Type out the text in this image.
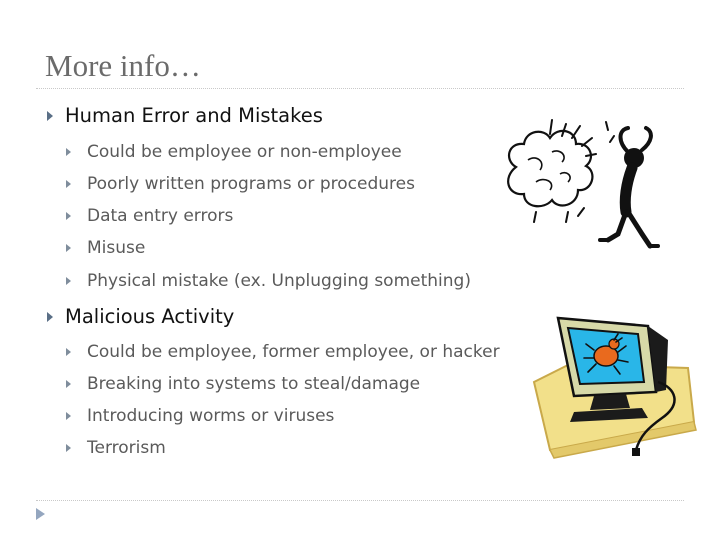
More info…
Human Error and Mistakes
Could be employee or non-employee
Poorly written programs or procedures
Data entry errors
Misuse
Physical mistake (ex. Unplugging something)
Malicious Activity
Could be employee, former employee, or hacker
Breaking into systems to steal/damage
Introducing worms or viruses
Terrorism
